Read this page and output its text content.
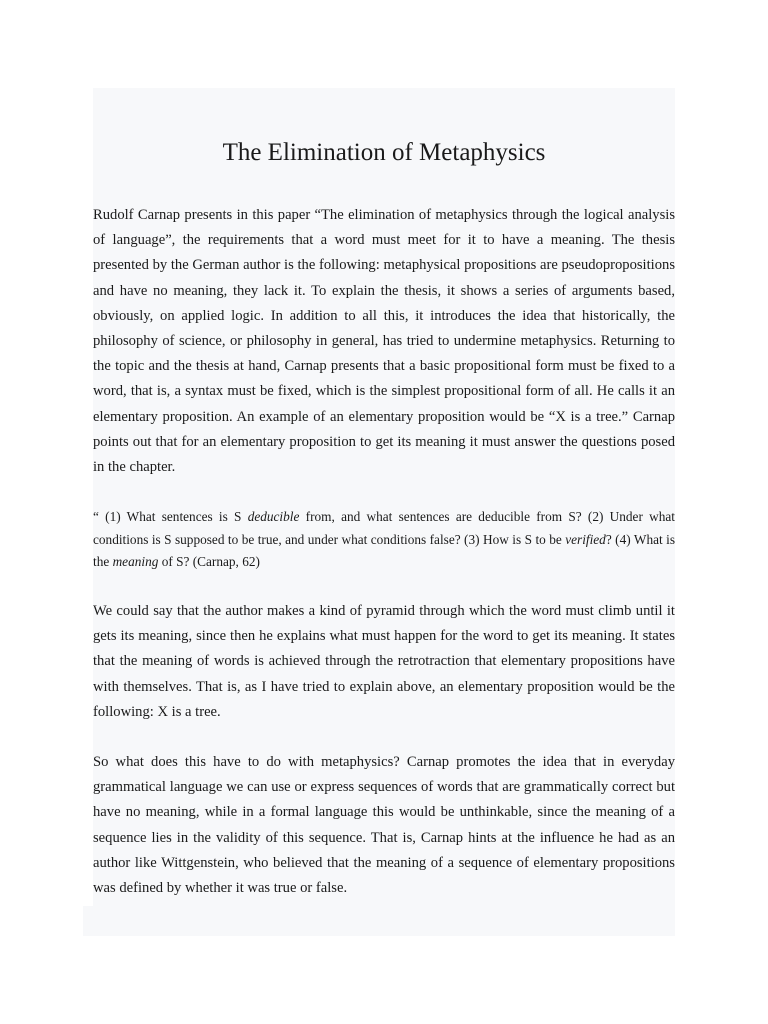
The Elimination of Metaphysics

Rudolf Carnap presents in this paper “The elimination of metaphysics through the logical analysis of language”, the requirements that a word must meet for it to have a meaning. The thesis presented by the German author is the following: metaphysical propositions are pseudopropositions and have no meaning, they lack it. To explain the thesis, it shows a series of arguments based, obviously, on applied logic. In addition to all this, it introduces the idea that historically, the philosophy of science, or philosophy in general, has tried to undermine metaphysics. Returning to the topic and the thesis at hand, Carnap presents that a basic propositional form must be fixed to a word, that is, a syntax must be fixed, which is the simplest propositional form of all. He calls it an elementary proposition. An example of an elementary proposition would be “X is a tree.” Carnap points out that for an elementary proposition to get its meaning it must answer the questions posed in the chapter.

“ (1) What sentences is S deducible from, and what sentences are deducible from S? (2) Under what conditions is S supposed to be true, and under what conditions false? (3) How is S to be verified? (4) What is the meaning of S? (Carnap, 62)

We could say that the author makes a kind of pyramid through which the word must climb until it gets its meaning, since then he explains what must happen for the word to get its meaning. It states that the meaning of words is achieved through the retrotraction that elementary propositions have with themselves. That is, as I have tried to explain above, an elementary proposition would be the following: X is a tree.

So what does this have to do with metaphysics? Carnap promotes the idea that in everyday grammatical language we can use or express sequences of words that are grammatically correct but have no meaning, while in a formal language this would be unthinkable, since the meaning of a sequence lies in the validity of this sequence. That is, Carnap hints at the influence he had as an author like Wittgenstein, who believed that the meaning of a sequence of elementary propositions was defined by whether it was true or false.
